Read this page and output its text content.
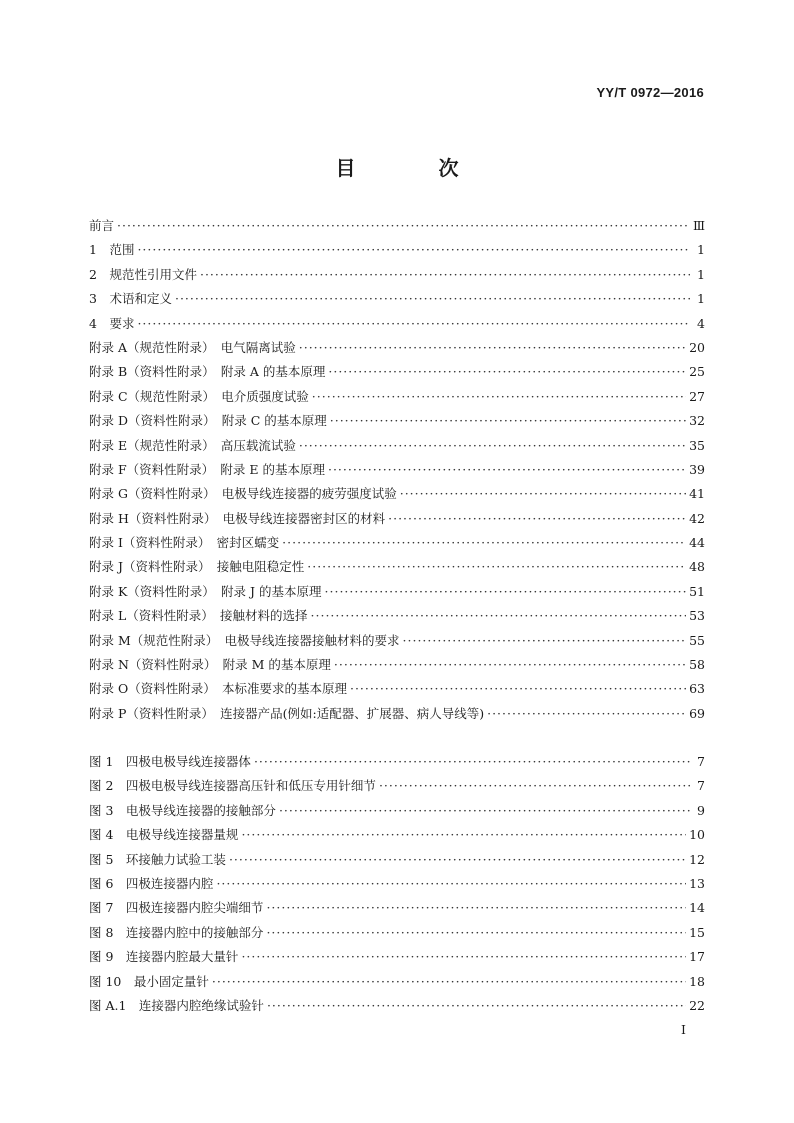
YY/T 0972—2016
目 次
前言 ·····	Ⅲ
1　范围 ·····	1
2　规范性引用文件 ·····	1
3　术语和定义 ·····	1
4　要求 ·····	4
附录 A（规范性附录）　电气隔离试验 ·····	20
附录 B（资料性附录）　附录 A 的基本原理 ·····	25
附录 C（规范性附录）　电介质强度试验 ·····	27
附录 D（资料性附录）　附录 C 的基本原理 ·····	32
附录 E（规范性附录）　高压载流试验 ·····	35
附录 F（资料性附录）　附录 E 的基本原理 ·····	39
附录 G（资料性附录）　电极导线连接器的疲劳强度试验 ·····	41
附录 H（资料性附录）　电极导线连接器密封区的材料 ·····	42
附录 I（资料性附录）　密封区蠕变 ·····	44
附录 J（资料性附录）　接触电阻稳定性 ·····	48
附录 K（资料性附录）　附录 J 的基本原理 ·····	51
附录 L（资料性附录）　接触材料的选择 ·····	53
附录 M（规范性附录）　电极导线连接器接触材料的要求 ·····	55
附录 N（资料性附录）　附录 M 的基本原理 ·····	58
附录 O（资料性附录）　本标准要求的基本原理 ·····	63
附录 P（资料性附录）　连接器产品(例如:适配器、扩展器、病人导线等) ·····	69
图 1　四极电极导线连接器体 ·····	7
图 2　四极电极导线连接器高压针和低压专用针细节 ·····	7
图 3　电极导线连接器的接触部分 ·····	9
图 4　电极导线连接器量规 ·····	10
图 5　环接触力试验工装 ·····	12
图 6　四极连接器内腔 ·····	13
图 7　四极连接器内腔尖端细节 ·····	14
图 8　连接器内腔中的接触部分 ·····	15
图 9　连接器内腔最大量针 ·····	17
图 10　最小固定量针 ·····	18
图 A.1　连接器内腔绝缘试验针 ·····	22
I
